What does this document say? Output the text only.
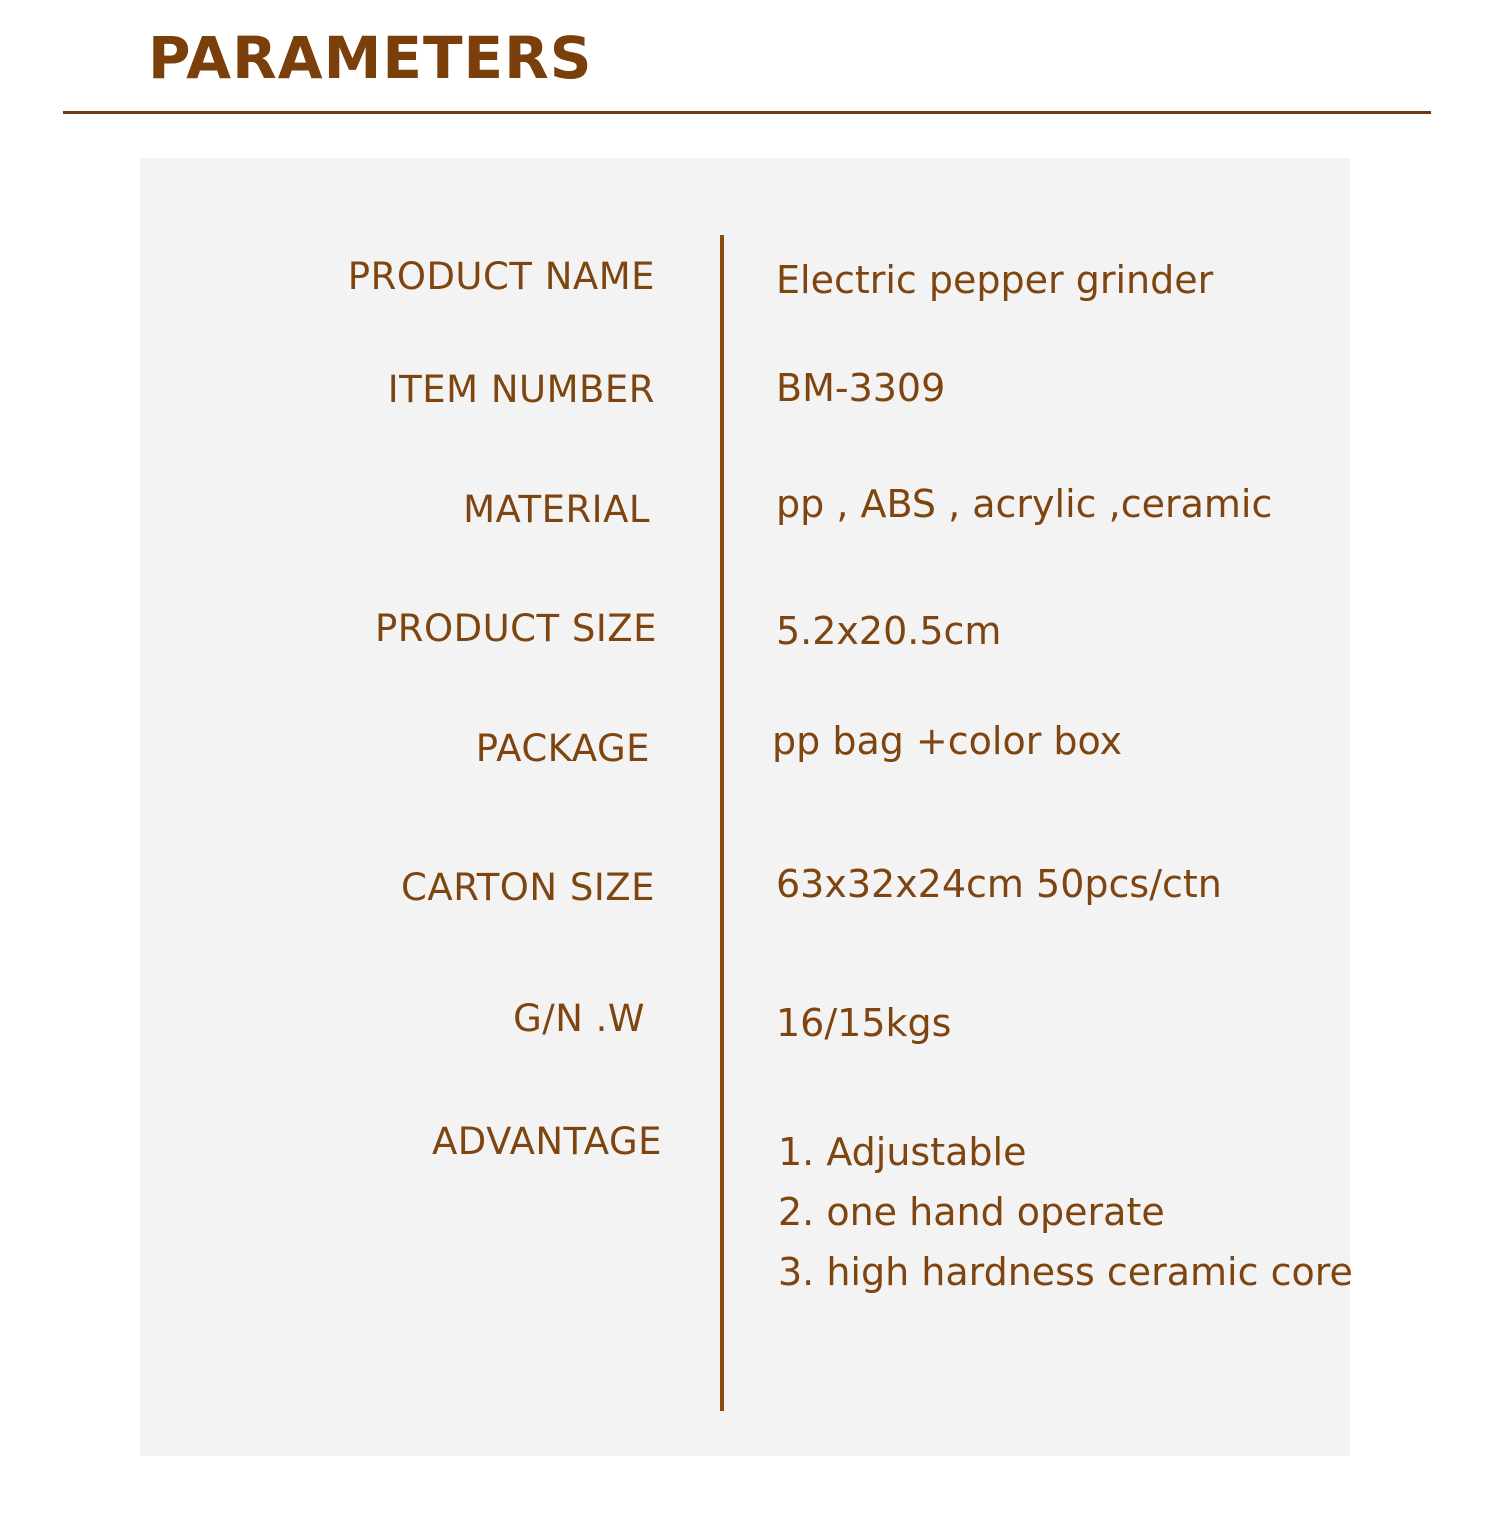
PARAMETERS

PRODUCT NAME	Electric pepper grinder

ITEM NUMBER	BM-3309

MATERIAL	pp , ABS , acrylic ,ceramic

PRODUCT SIZE	5.2x20.5cm

PACKAGE	pp bag +color box

CARTON SIZE	63x32x24cm 50pcs/ctn

G/N .W	16/15kgs

ADVANTAGE	1. Adjustable
2. one hand operate
3. high hardness ceramic core
